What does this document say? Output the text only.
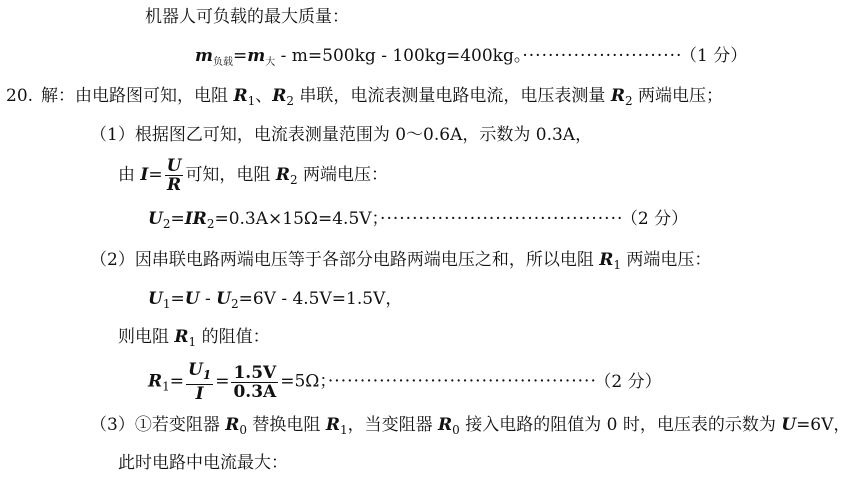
机器人可负载的最大质量：
$m_{负载}=m_大 - m=500kg - 100kg=400kg$。························· （1 分）
20. 解：由电路图可知，电阻 $R_1$、$R_2$ 串联，电流表测量电路电流，电压表测量 $R_2$ 两端电压；
（1）根据图乙可知，电流表测量范围为 0～0.6A，示数为 0.3A，
由 $I= \frac{U}{R}$ 可知，电阻 $R_2$ 两端电压：
$U_2=IR_2=0.3A\times 15\Omega=4.5V$；······································ （2 分）
（2）因串联电路两端电压等于各部分电路两端电压之和，所以电阻 $R_1$ 两端电压：
$U_1=U - U_2=6V - 4.5V=1.5V$，
则电阻 $R_1$ 的阻值：
$R_1= \frac{U_1}{I} = \frac{1.5V}{0.3A} =5\Omega$；·········································· （2 分）
（3）①若变阻器 $R_0$ 替换电阻 $R_1$，当变阻器 $R_0$ 接入电路的阻值为 0 时，电压表的示数为 U=6V，
此时电路中电流最大：
